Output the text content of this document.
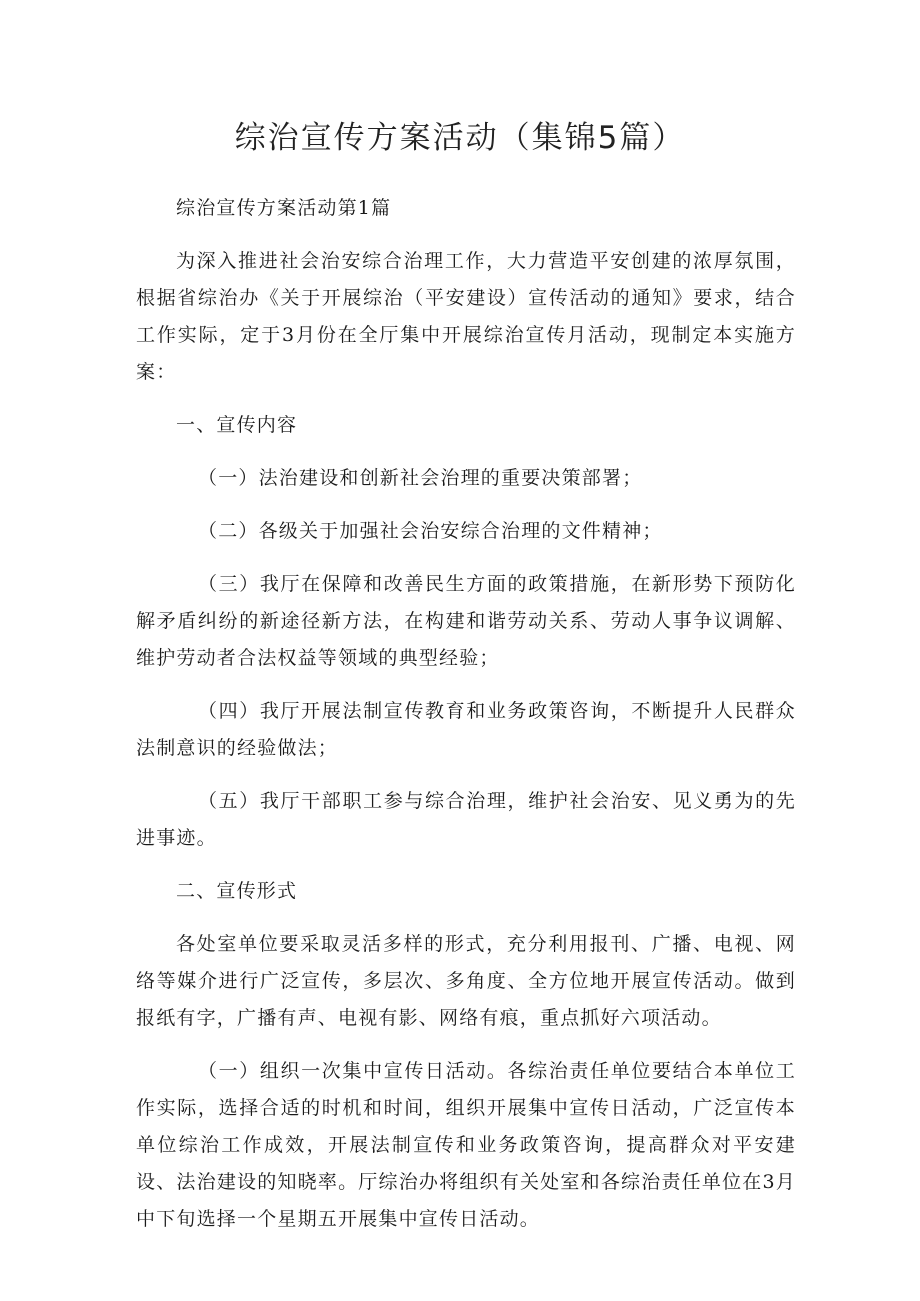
综治宣传方案活动（集锦5篇）

综治宣传方案活动第1篇

为深入推进社会治安综合治理工作，大力营造平安创建的浓厚氛围，根据省综治办《关于开展综治（平安建设）宣传活动的通知》要求，结合工作实际，定于3月份在全厅集中开展综治宣传月活动，现制定本实施方案：

一、宣传内容

（一）法治建设和创新社会治理的重要决策部署；

（二）各级关于加强社会治安综合治理的文件精神；

（三）我厅在保障和改善民生方面的政策措施，在新形势下预防化解矛盾纠纷的新途径新方法，在构建和谐劳动关系、劳动人事争议调解、维护劳动者合法权益等领域的典型经验；

（四）我厅开展法制宣传教育和业务政策咨询，不断提升人民群众法制意识的经验做法；

（五）我厅干部职工参与综合治理，维护社会治安、见义勇为的先进事迹。

二、宣传形式

各处室单位要采取灵活多样的形式，充分利用报刊、广播、电视、网络等媒介进行广泛宣传，多层次、多角度、全方位地开展宣传活动。做到报纸有字，广播有声、电视有影、网络有痕，重点抓好六项活动。

（一）组织一次集中宣传日活动。各综治责任单位要结合本单位工作实际，选择合适的时机和时间，组织开展集中宣传日活动，广泛宣传本单位综治工作成效，开展法制宣传和业务政策咨询，提高群众对平安建设、法治建设的知晓率。厅综治办将组织有关处室和各综治责任单位在3月中下旬选择一个星期五开展集中宣传日活动。
